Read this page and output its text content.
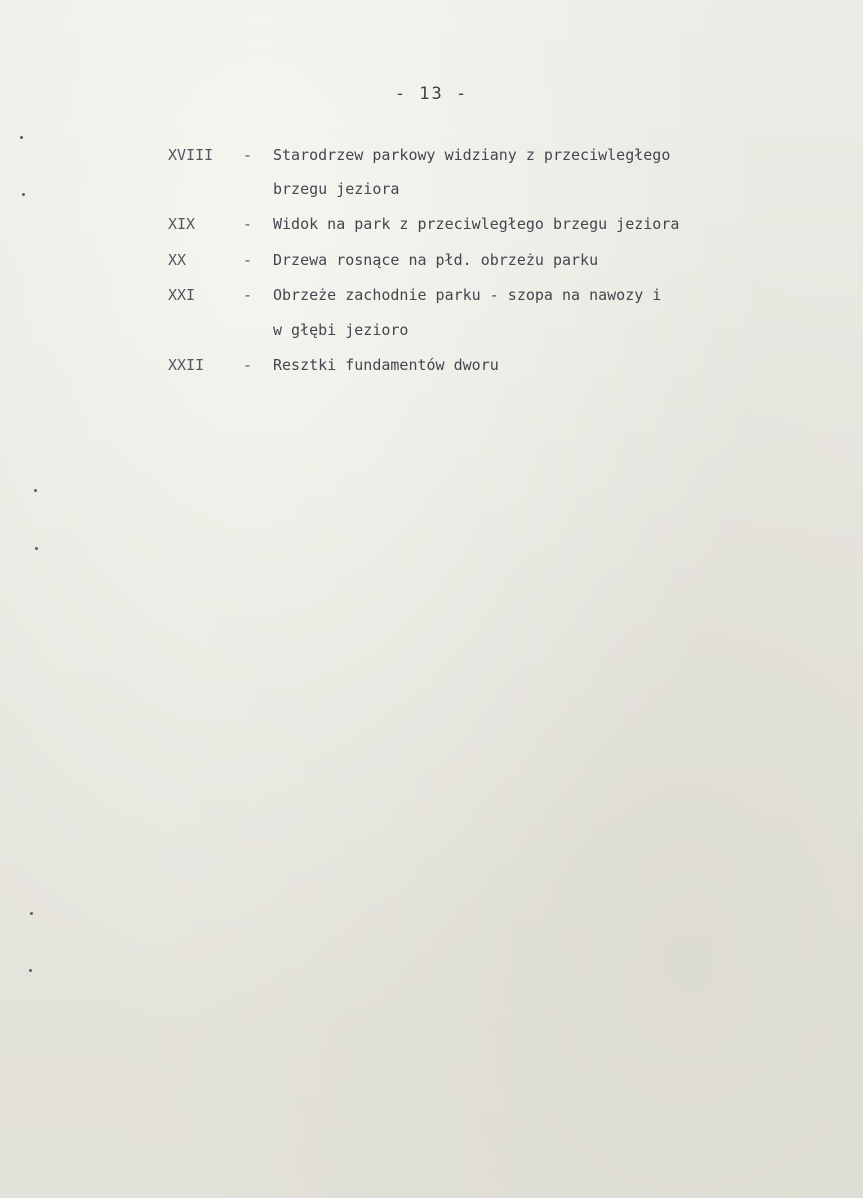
- 13 -
XVIII - Starodrzew parkowy widziany z przeciwległego
brzegu jeziora
XIX	- Widok na park z przeciwległego brzegu jeziora
XX	- Drzewa rosnące na płd. obrzeżu parku
XXI	- Obrzeże zachodnie parku - szopa na nawozy i
w głębi jezioro
XXII	- Resztki fundamentów dworu
